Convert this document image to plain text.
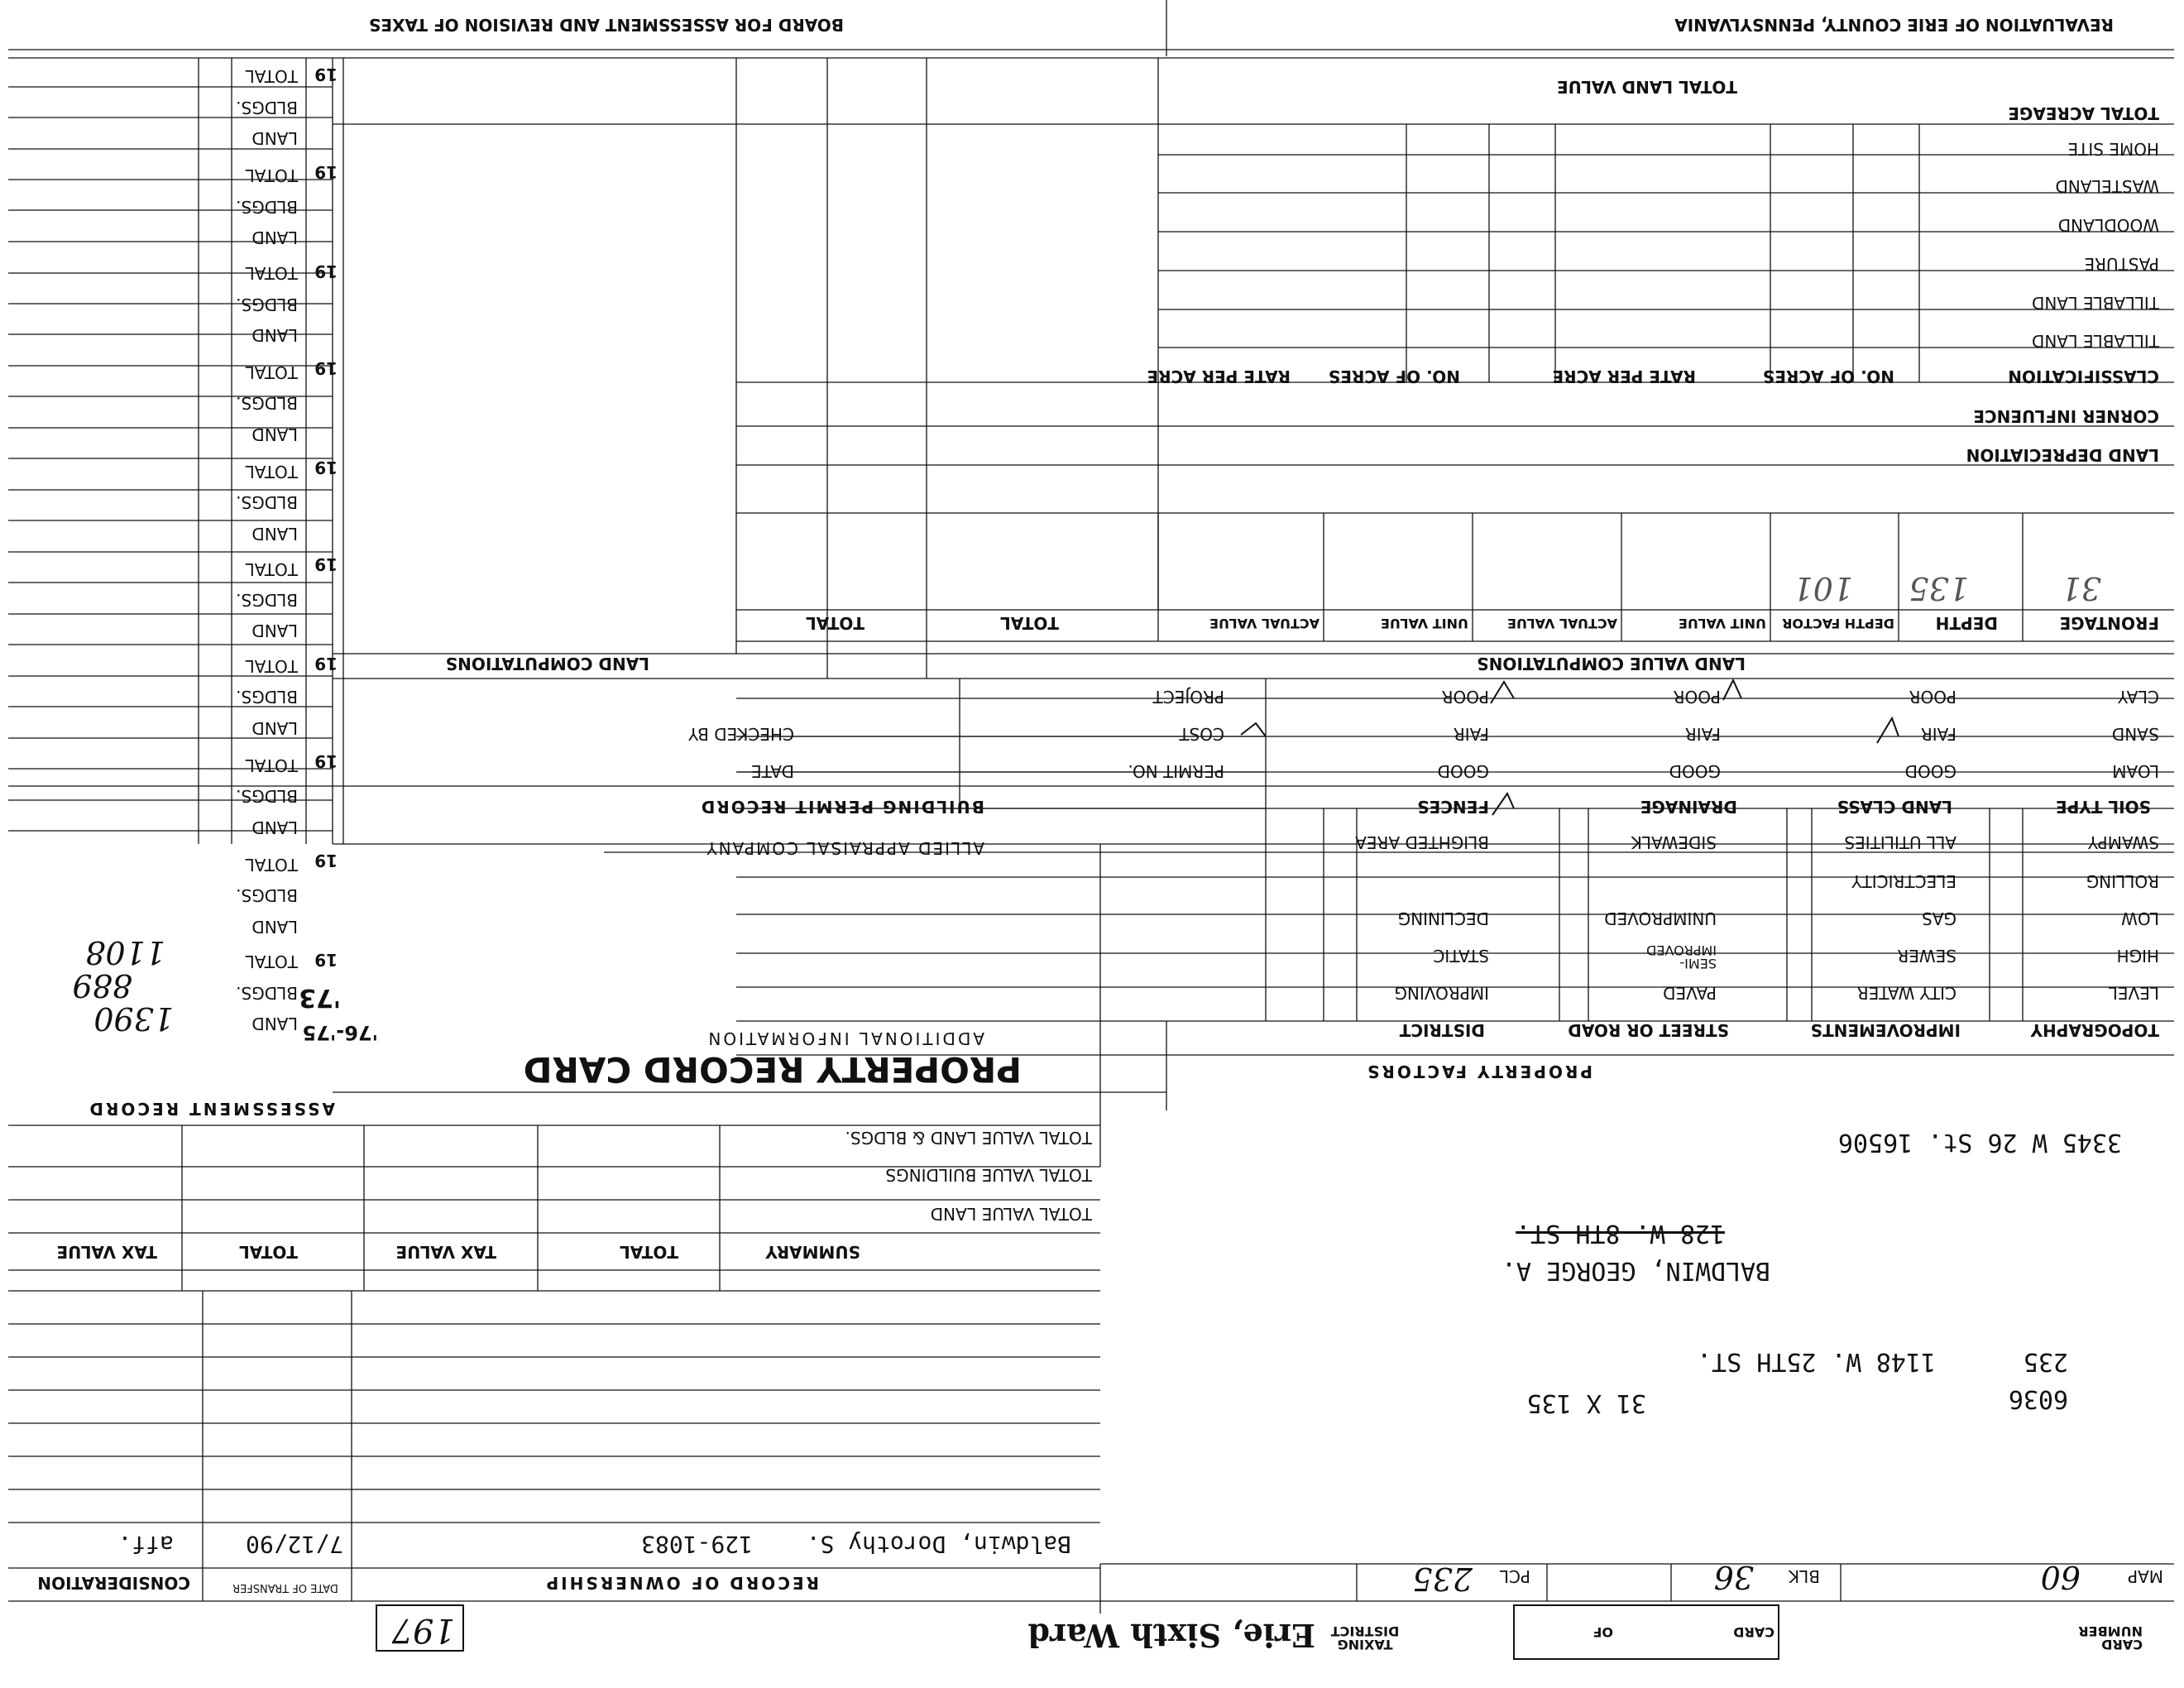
REVALUATION OF ERIE COUNTY, PENNSYLVANIA
BOARD FOR ASSESSMENT AND REVISION OF TAXES
TOTAL LAND VALUE
TOTAL ACREAGE
HOME SITE
WASTELAND
WOODLAND
PASTURE
TILLABLE LAND
TILLABLE LAND
CLASSIFICATION
NO. OF ACRES
RATE PER ACRE
NO. OF ACRES
RATE PER ACRE
CORNER INFLUENCE
LAND DEPRECIATION
FRONTAGE
DEPTH
DEPTH FACTOR
UNIT VALUE
ACTUAL VALUE
UNIT VALUE
ACTUAL VALUE
TOTAL
TOTAL
LAND VALUE COMPUTATIONS
LAND COMPUTATIONS
31
135
101
CLAY
SAND
LOAM
SOIL TYPE
LAND CLASS
DRAINAGE
FENCES
POOR
FAIR
GOOD
POOR
FAIR
GOOD
POOR
FAIR
GOOD
PROJECT
COST
PERMIT NO.
CHECKED BY
DATE
BUILDING PERMIT RECORD
ALLIED APPRAISAL COMPANY
ADDITIONAL INFORMATION
SWAMPY
ROLLING
LOW
HIGH
LEVEL
ALL UTILITIES
ELECTRICITY
GAS
SEWER
CITY WATER
SIDEWALK
UNIMPROVED
SEMI-IMPROVED
PAVED
BLIGHTED AREA
DECLINING
STATIC
IMPROVING
TOPOGRAPHY
IMPROVEMENTS
STREET OR ROAD
DISTRICT
PROPERTY FACTORS
PROPERTY RECORD CARD
ASSESSMENT RECORD
19
19
19
19
19
19
19
19
19
19
TOTAL
BLDGS.
LAND
TOTAL
BLDGS.
LAND
TOTAL
BLDGS.
LAND
TOTAL
BLDGS.
LAND
TOTAL
BLDGS.
LAND
TOTAL
BLDGS.
LAND
TOTAL
BLDGS.
LAND
TOTAL
BLDGS.
LAND
TOTAL
BLDGS.
LAND
TOTAL
BLDGS.
LAND
'73
'76-'75
1390
889
1108
TOTAL VALUE LAND & BLDGS.
TOTAL VALUE BUILDINGS
TOTAL VALUE LAND
SUMMARY
TOTAL
TAX VALUE
TOTAL
TAX VALUE
3345 W 26 St. 16506
128 W. 8TH ST.
BALDWIN, GEORGE A.
235
1148 W. 25TH ST.
6036
31 X 135
Baldwin, Dorothy S.
129-1083
7/12/90
aff.
RECORD OF OWNERSHIP
DATE OF TRANSFER
CONSIDERATION	MAP
60
BLK
36
PCL
235
CARD NUMBER
CARD
OF
TAXING DISTRICT
Erie, Sixth Ward
197
